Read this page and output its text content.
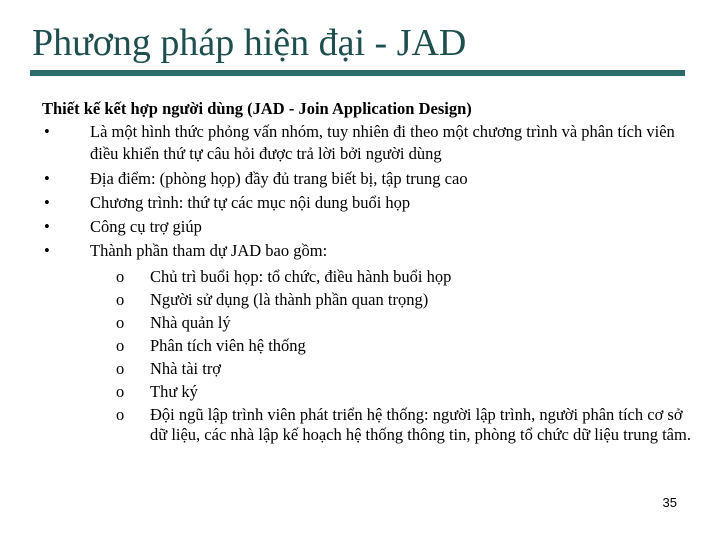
Phương pháp hiện đại - JAD
Thiết kế kết hợp người dùng (JAD - Join Application Design)
• Là một hình thức phỏng vấn nhóm, tuy nhiên đi theo một chương trình và phân tích viên điều khiển thứ tự câu hỏi được trả lời bởi người dùng
• Địa điểm: (phòng họp) đầy đủ trang biết bị, tập trung cao
• Chương trình: thứ tự các mục nội dung buổi họp
• Công cụ trợ giúp
• Thành phần tham dự JAD bao gồm:
o Chủ trì buổi họp: tổ chức, điều hành buổi họp
o Người sử dụng (là thành phần quan trọng)
o Nhà quản lý
o Phân tích viên hệ thống
o Nhà tài trợ
o Thư ký
o Đội ngũ lập trình viên phát triển hệ thống: người lập trình, người phân tích cơ sở dữ liệu, các nhà lập kế hoạch hệ thống thông tin, phòng tổ chức dữ liệu trung tâm.
35
